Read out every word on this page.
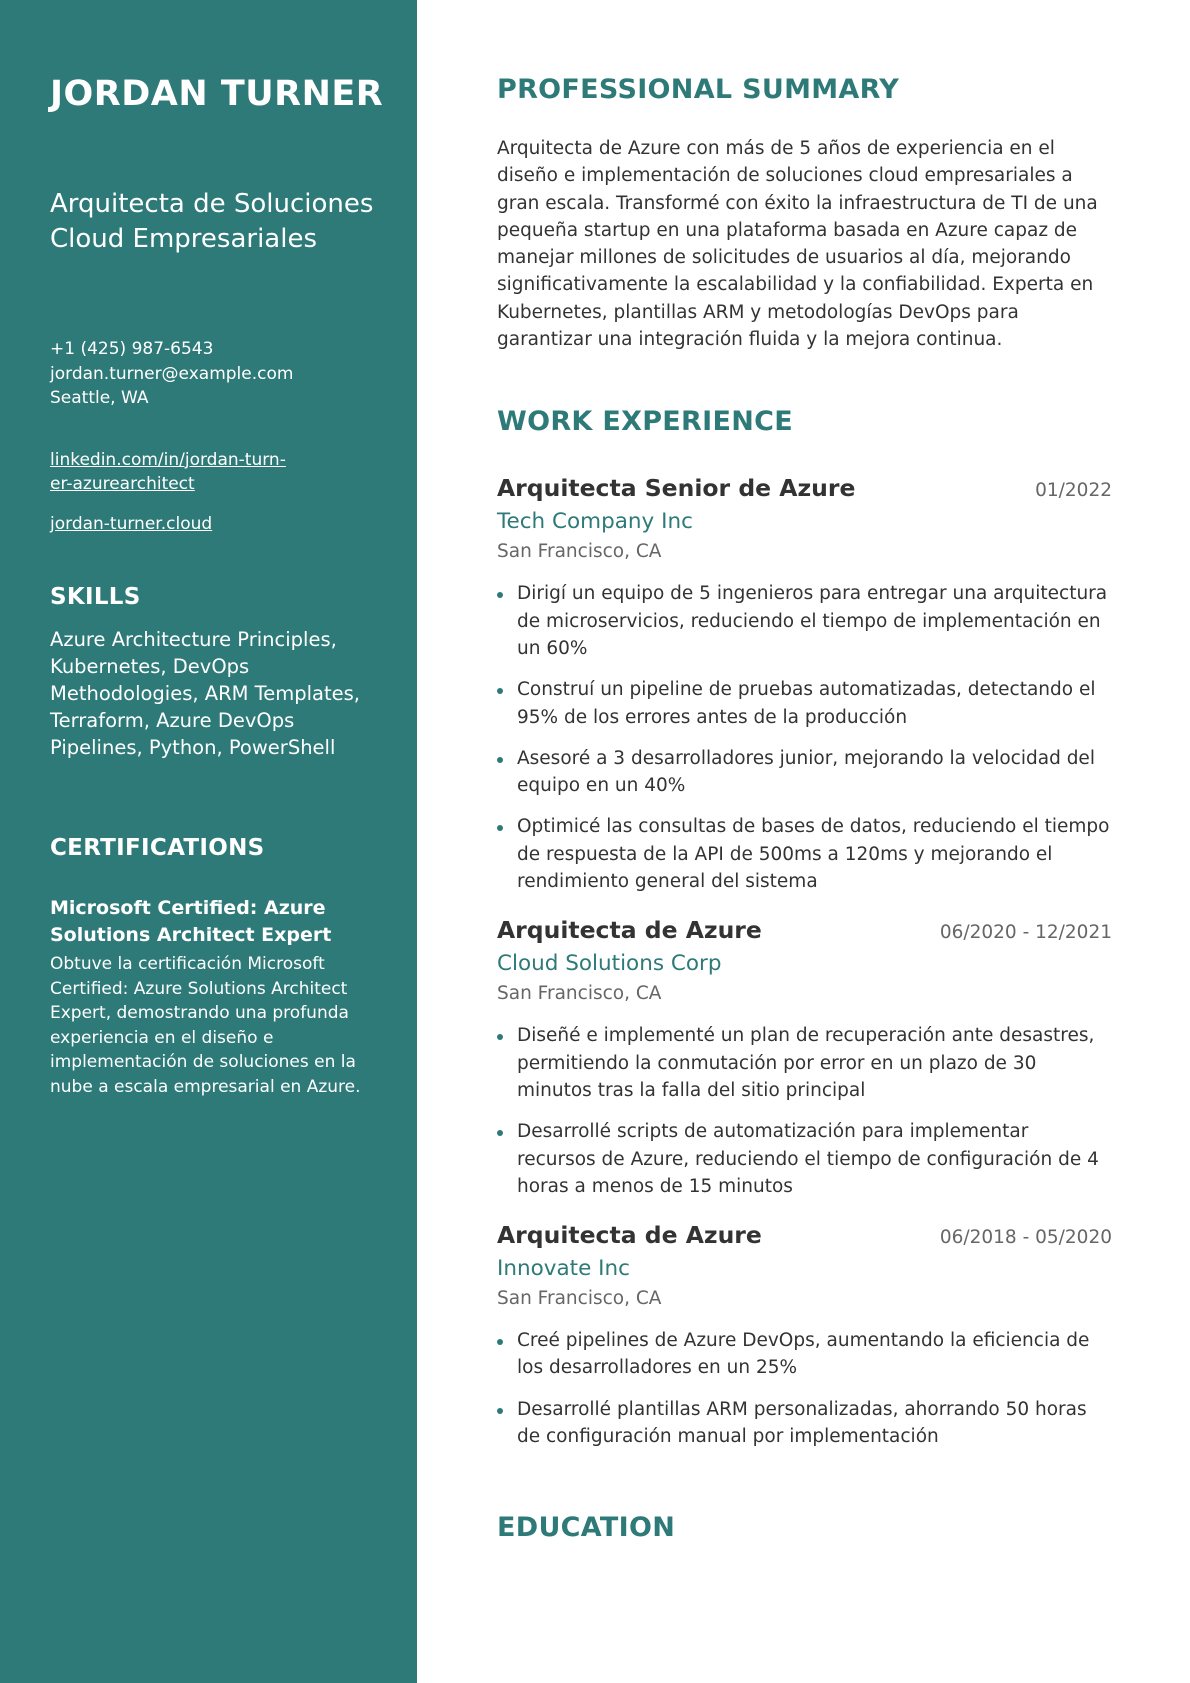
JORDAN TURNER
Arquitecta de Soluciones Cloud Empresariales
+1 (425) 987-6543
jordan.turner@example.com
Seattle, WA
linkedin.com/in/jordan-turn-
er-azurearchitect
jordan-turner.cloud
SKILLS

Azure Architecture Principles, Kubernetes, DevOps Methodologies, ARM Templates, Terraform, Azure DevOps Pipelines, Python, PowerShell

CERTIFICATIONS
Microsoft Certified: Azure Solutions Architect Expert

Obtuve la certificación Microsoft Certified: Azure Solutions Architect Expert, demostrando una profunda experiencia en el diseño e implementación de soluciones en la nube a escala empresarial en Azure.

PROFESSIONAL SUMMARY

Arquitecta de Azure con más de 5 años de experiencia en el diseño e implementación de soluciones cloud empresariales a gran escala. Transformé con éxito la infraestructura de TI de una pequeña startup en una plataforma basada en Azure capaz de manejar millones de solicitudes de usuarios al día, mejorando significativamente la escalabilidad y la confiabilidad. Experta en Kubernetes, plantillas ARM y metodologías DevOps para garantizar una integración fluida y la mejora continua.

WORK EXPERIENCE
Arquitecta Senior de Azure	01/2022
Tech Company Inc
San Francisco, CA
Dirigí un equipo de 5 ingenieros para entregar una arquitectura de microservicios, reduciendo el tiempo de implementación en un 60%
Construí un pipeline de pruebas automatizadas, detectando el 95% de los errores antes de la producción
Asesoré a 3 desarrolladores junior, mejorando la velocidad del equipo en un 40%
Optimicé las consultas de bases de datos, reduciendo el tiempo de respuesta de la API de 500ms a 120ms y mejorando el rendimiento general del sistema
Arquitecta de Azure	06/2020 - 12/2021
Cloud Solutions Corp
San Francisco, CA
Diseñé e implementé un plan de recuperación ante desastres, permitiendo la conmutación por error en un plazo de 30 minutos tras la falla del sitio principal
Desarrollé scripts de automatización para implementar recursos de Azure, reduciendo el tiempo de configuración de 4 horas a menos de 15 minutos
Arquitecta de Azure	06/2018 - 05/2020
Innovate Inc
San Francisco, CA
Creé pipelines de Azure DevOps, aumentando la eficiencia de los desarrolladores en un 25%
Desarrollé plantillas ARM personalizadas, ahorrando 50 horas de configuración manual por implementación
EDUCATION
